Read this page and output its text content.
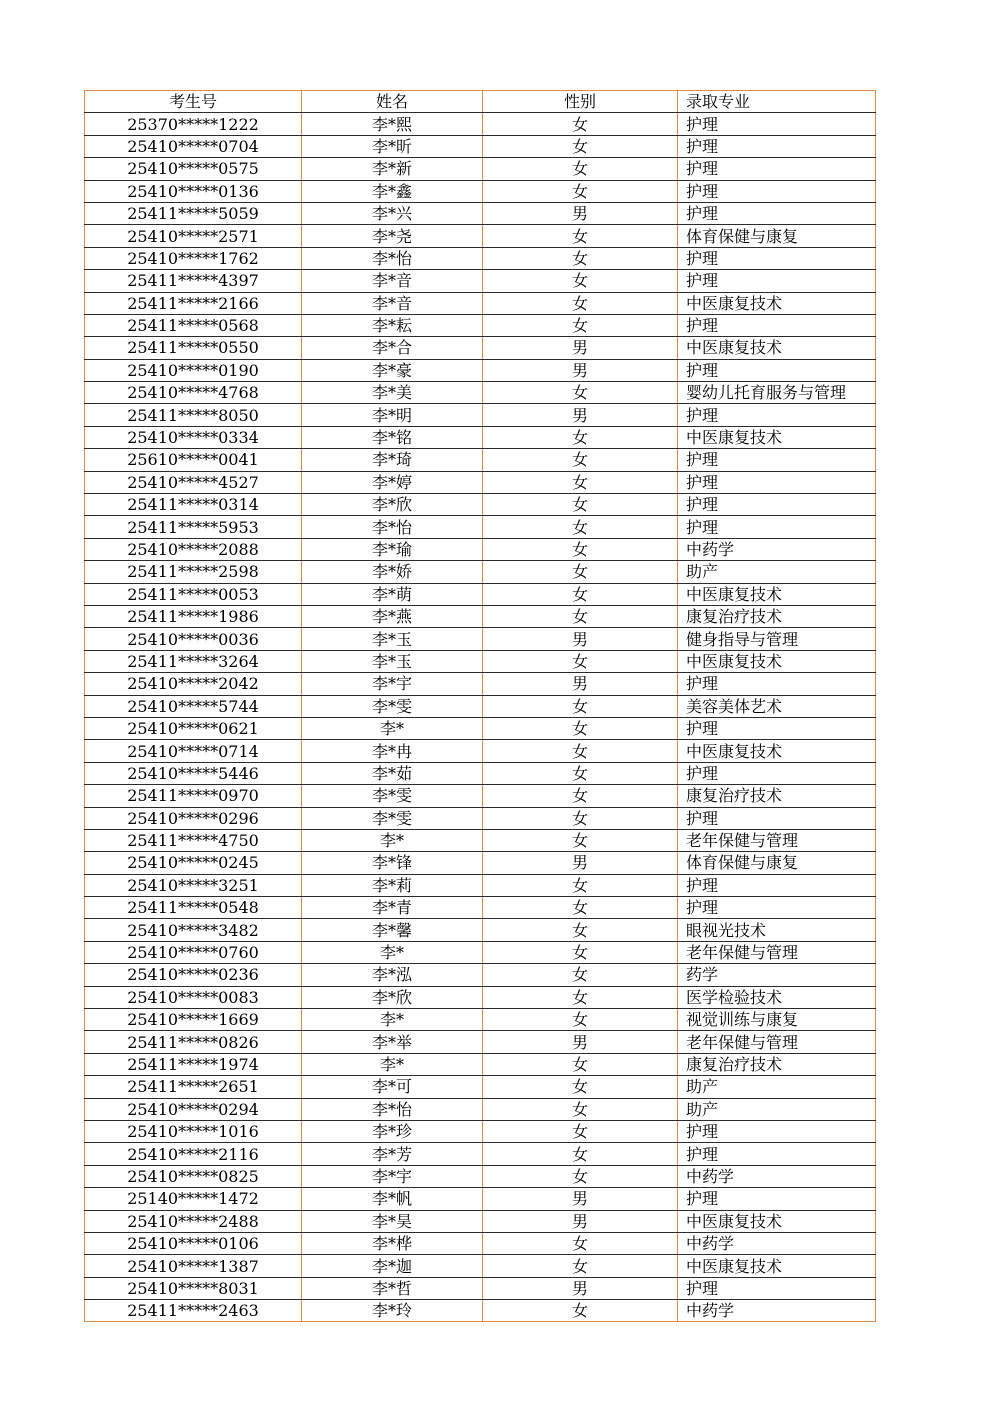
考生号	姓名	性别	录取专业
25370*****1222	李*熙	女	护理
25410*****0704	李*昕	女	护理
25410*****0575	李*新	女	护理
25410*****0136	李*鑫	女	护理
25411*****5059	李*兴	男	护理
25410*****2571	李*尧	女	体育保健与康复
25410*****1762	李*怡	女	护理
25411*****4397	李*音	女	护理
25411*****2166	李*音	女	中医康复技术
25411*****0568	李*耘	女	护理
25411*****0550	李*合	男	中医康复技术
25410*****0190	李*豪	男	护理
25410*****4768	李*美	女	婴幼儿托育服务与管理
25411*****8050	李*明	男	护理
25410*****0334	李*铭	女	中医康复技术
25610*****0041	李*琦	女	护理
25410*****4527	李*婷	女	护理
25411*****0314	李*欣	女	护理
25411*****5953	李*怡	女	护理
25410*****2088	李*瑜	女	中药学
25411*****2598	李*娇	女	助产
25411*****0053	李*萌	女	中医康复技术
25411*****1986	李*燕	女	康复治疗技术
25410*****0036	李*玉	男	健身指导与管理
25411*****3264	李*玉	女	中医康复技术
25410*****2042	李*宇	男	护理
25410*****5744	李*雯	女	美容美体艺术
25410*****0621	李*	女	护理
25410*****0714	李*冉	女	中医康复技术
25410*****5446	李*茹	女	护理
25411*****0970	李*雯	女	康复治疗技术
25410*****0296	李*雯	女	护理
25411*****4750	李*	女	老年保健与管理
25410*****0245	李*锋	男	体育保健与康复
25410*****3251	李*莉	女	护理
25411*****0548	李*青	女	护理
25410*****3482	李*馨	女	眼视光技术
25410*****0760	李*	女	老年保健与管理
25410*****0236	李*泓	女	药学
25410*****0083	李*欣	女	医学检验技术
25410*****1669	李*	女	视觉训练与康复
25411*****0826	李*举	男	老年保健与管理
25411*****1974	李*	女	康复治疗技术
25411*****2651	李*可	女	助产
25410*****0294	李*怡	女	助产
25410*****1016	李*珍	女	护理
25410*****2116	李*芳	女	护理
25410*****0825	李*宇	女	中药学
25140*****1472	李*帆	男	护理
25410*****2488	李*昊	男	中医康复技术
25410*****0106	李*桦	女	中药学
25410*****1387	李*迦	女	中医康复技术
25410*****8031	李*哲	男	护理
25411*****2463	李*玲	女	中药学
